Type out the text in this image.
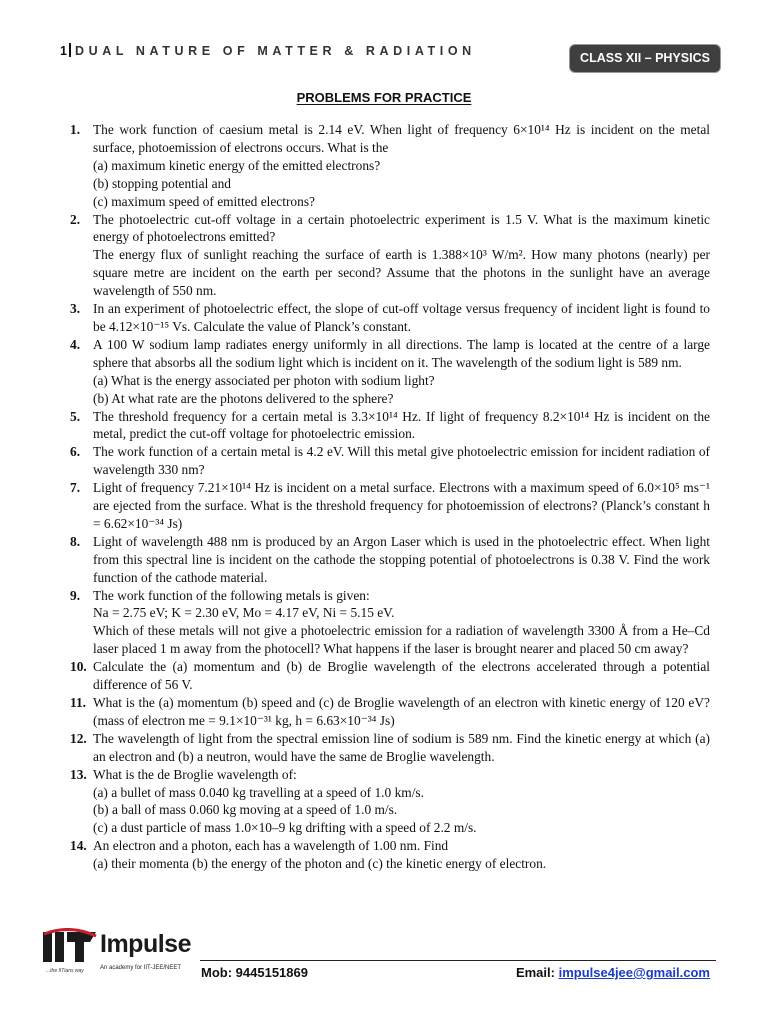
1 DUAL NATURE OF MATTER & RADIATION	CLASS XII – PHYSICS
PROBLEMS FOR PRACTICE
1. The work function of caesium metal is 2.14 eV. When light of frequency 6×10¹⁴ Hz is incident on the metal surface, photoemission of electrons occurs. What is the
(a) maximum kinetic energy of the emitted electrons?
(b) stopping potential and
(c) maximum speed of emitted electrons?
2. The photoelectric cut-off voltage in a certain photoelectric experiment is 1.5 V. What is the maximum kinetic energy of photoelectrons emitted?
The energy flux of sunlight reaching the surface of earth is 1.388×10³ W/m². How many photons (nearly) per square metre are incident on the earth per second? Assume that the photons in the sunlight have an average wavelength of 550 nm.
3. In an experiment of photoelectric effect, the slope of cut-off voltage versus frequency of incident light is found to be 4.12×10⁻¹⁵ Vs. Calculate the value of Planck’s constant.
4. A 100 W sodium lamp radiates energy uniformly in all directions. The lamp is located at the centre of a large sphere that absorbs all the sodium light which is incident on it. The wavelength of the sodium light is 589 nm.
(a) What is the energy associated per photon with sodium light?
(b) At what rate are the photons delivered to the sphere?
5. The threshold frequency for a certain metal is 3.3×10¹⁴ Hz. If light of frequency 8.2×10¹⁴ Hz is incident on the metal, predict the cut-off voltage for photoelectric emission.
6. The work function of a certain metal is 4.2 eV. Will this metal give photoelectric emission for incident radiation of wavelength 330 nm?
7. Light of frequency 7.21×10¹⁴ Hz is incident on a metal surface. Electrons with a maximum speed of 6.0×10⁵ ms⁻¹ are ejected from the surface. What is the threshold frequency for photoemission of electrons? (Planck’s constant h = 6.62×10⁻³⁴ Js)
8. Light of wavelength 488 nm is produced by an Argon Laser which is used in the photoelectric effect. When light from this spectral line is incident on the cathode the stopping potential of photoelectrons is 0.38 V. Find the work function of the cathode material.
9. The work function of the following metals is given:
Na = 2.75 eV; K = 2.30 eV, Mo = 4.17 eV, Ni = 5.15 eV.
Which of these metals will not give a photoelectric emission for a radiation of wavelength 3300 Å from a He–Cd laser placed 1 m away from the photocell? What happens if the laser is brought nearer and placed 50 cm away?
10. Calculate the (a) momentum and (b) de Broglie wavelength of the electrons accelerated through a potential difference of 56 V.
11. What is the (a) momentum (b) speed and (c) de Broglie wavelength of an electron with kinetic energy of 120 eV? (mass of electron me = 9.1×10⁻³¹ kg, h = 6.63×10⁻³⁴ Js)
12. The wavelength of light from the spectral emission line of sodium is 589 nm. Find the kinetic energy at which (a) an electron and (b) a neutron, would have the same de Broglie wavelength.
13. What is the de Broglie wavelength of:
(a) a bullet of mass 0.040 kg travelling at a speed of 1.0 km/s.
(b) a ball of mass 0.060 kg moving at a speed of 1.0 m/s.
(c) a dust particle of mass 1.0×10–9 kg drifting with a speed of 2.2 m/s.
14. An electron and a photon, each has a wavelength of 1.00 nm. Find
(a) their momenta (b) the energy of the photon and (c) the kinetic energy of electron.
Impulse
...the IITians way	An academy for IIT-JEE/NEET Mob: 9445151869	Email: impulse4jee@gmail.com
